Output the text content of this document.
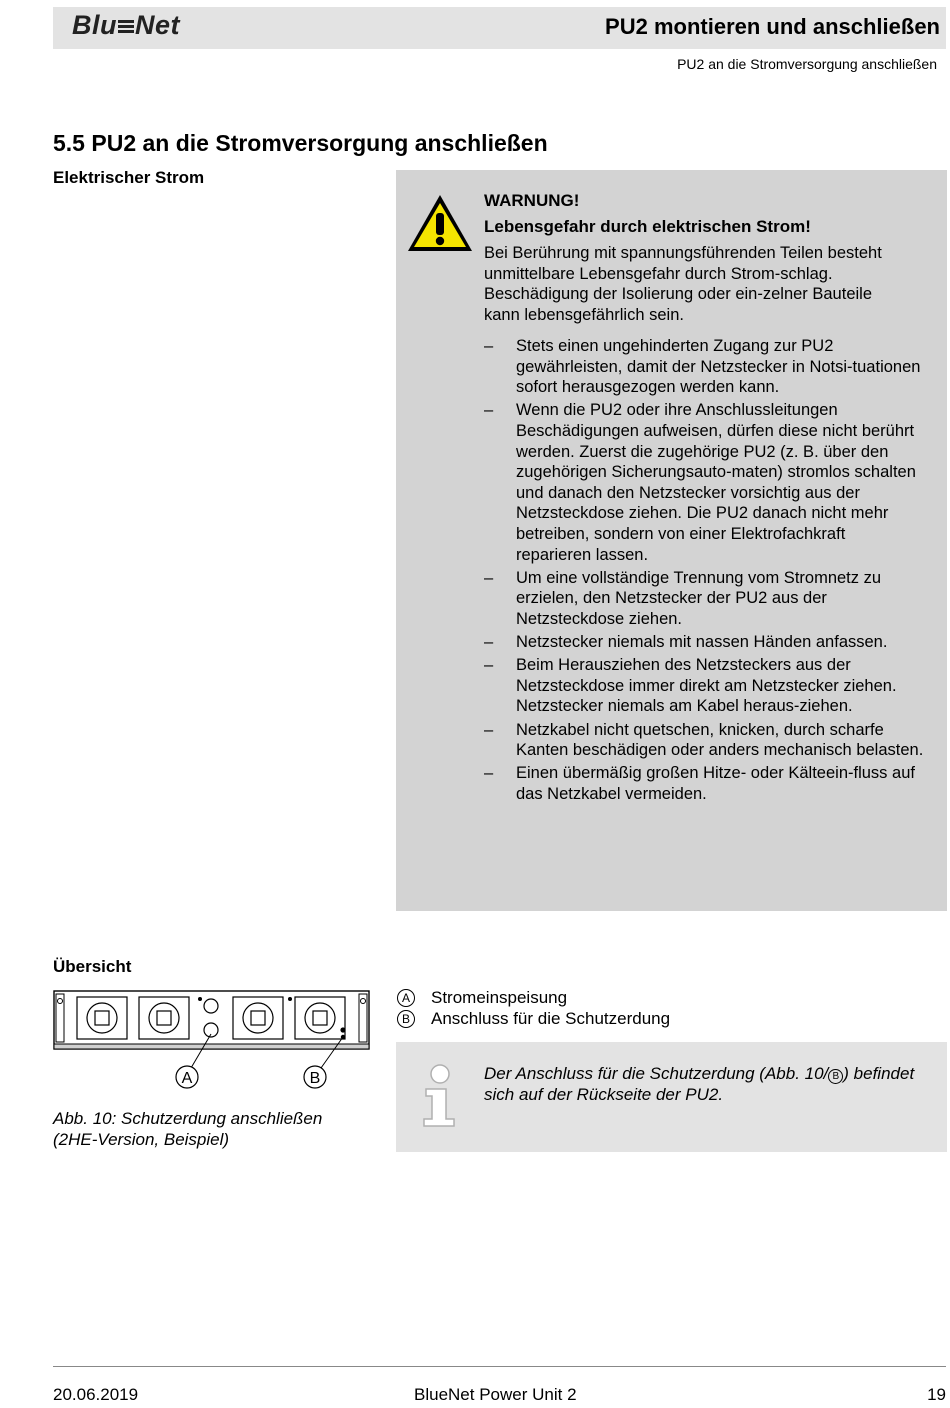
Blu Net	PU2 montieren und anschließen
PU2 an die Stromversorgung anschließen
5.5 PU2 an die Stromversorgung anschließen
Elektrischer Strom
WARNUNG!
Lebensgefahr durch elektrischen Strom!
Bei Berührung mit spannungsführenden Teilen besteht unmittelbare Lebensgefahr durch Strom-schlag. Beschädigung der Isolierung oder ein-zelner Bauteile kann lebensgefährlich sein.
– Stets einen ungehinderten Zugang zur PU2 gewährleisten, damit der Netzstecker in Notsi-tuationen sofort herausgezogen werden kann.
– Wenn die PU2 oder ihre Anschlussleitungen Beschädigungen aufweisen, dürfen diese nicht berührt werden. Zuerst die zugehörige PU2 (z. B. über den zugehörigen Sicherungsauto-maten) stromlos schalten und danach den Netzstecker vorsichtig aus der Netzsteckdose ziehen. Die PU2 danach nicht mehr betreiben, sondern von einer Elektrofachkraft reparieren lassen.
– Um eine vollständige Trennung vom Stromnetz zu erzielen, den Netzstecker der PU2 aus der Netzsteckdose ziehen.
– Netzstecker niemals mit nassen Händen anfassen.
– Beim Herausziehen des Netzsteckers aus der Netzsteckdose immer direkt am Netzstecker ziehen. Netzstecker niemals am Kabel heraus-ziehen.
– Netzkabel nicht quetschen, knicken, durch scharfe Kanten beschädigen oder anders mechanisch belasten.
– Einen übermäßig großen Hitze- oder Kälteein-fluss auf das Netzkabel vermeiden.
Übersicht
A	B
A Stromeinspeisung
B Anschluss für die Schutzerdung
Abb. 10: Schutzerdung anschließen
(2HE-Version, Beispiel)
Der Anschluss für die Schutzerdung (Abb. 10/ B ) befindet sich auf der Rückseite der PU2.
20.06.2019	BlueNet Power Unit 2	19
